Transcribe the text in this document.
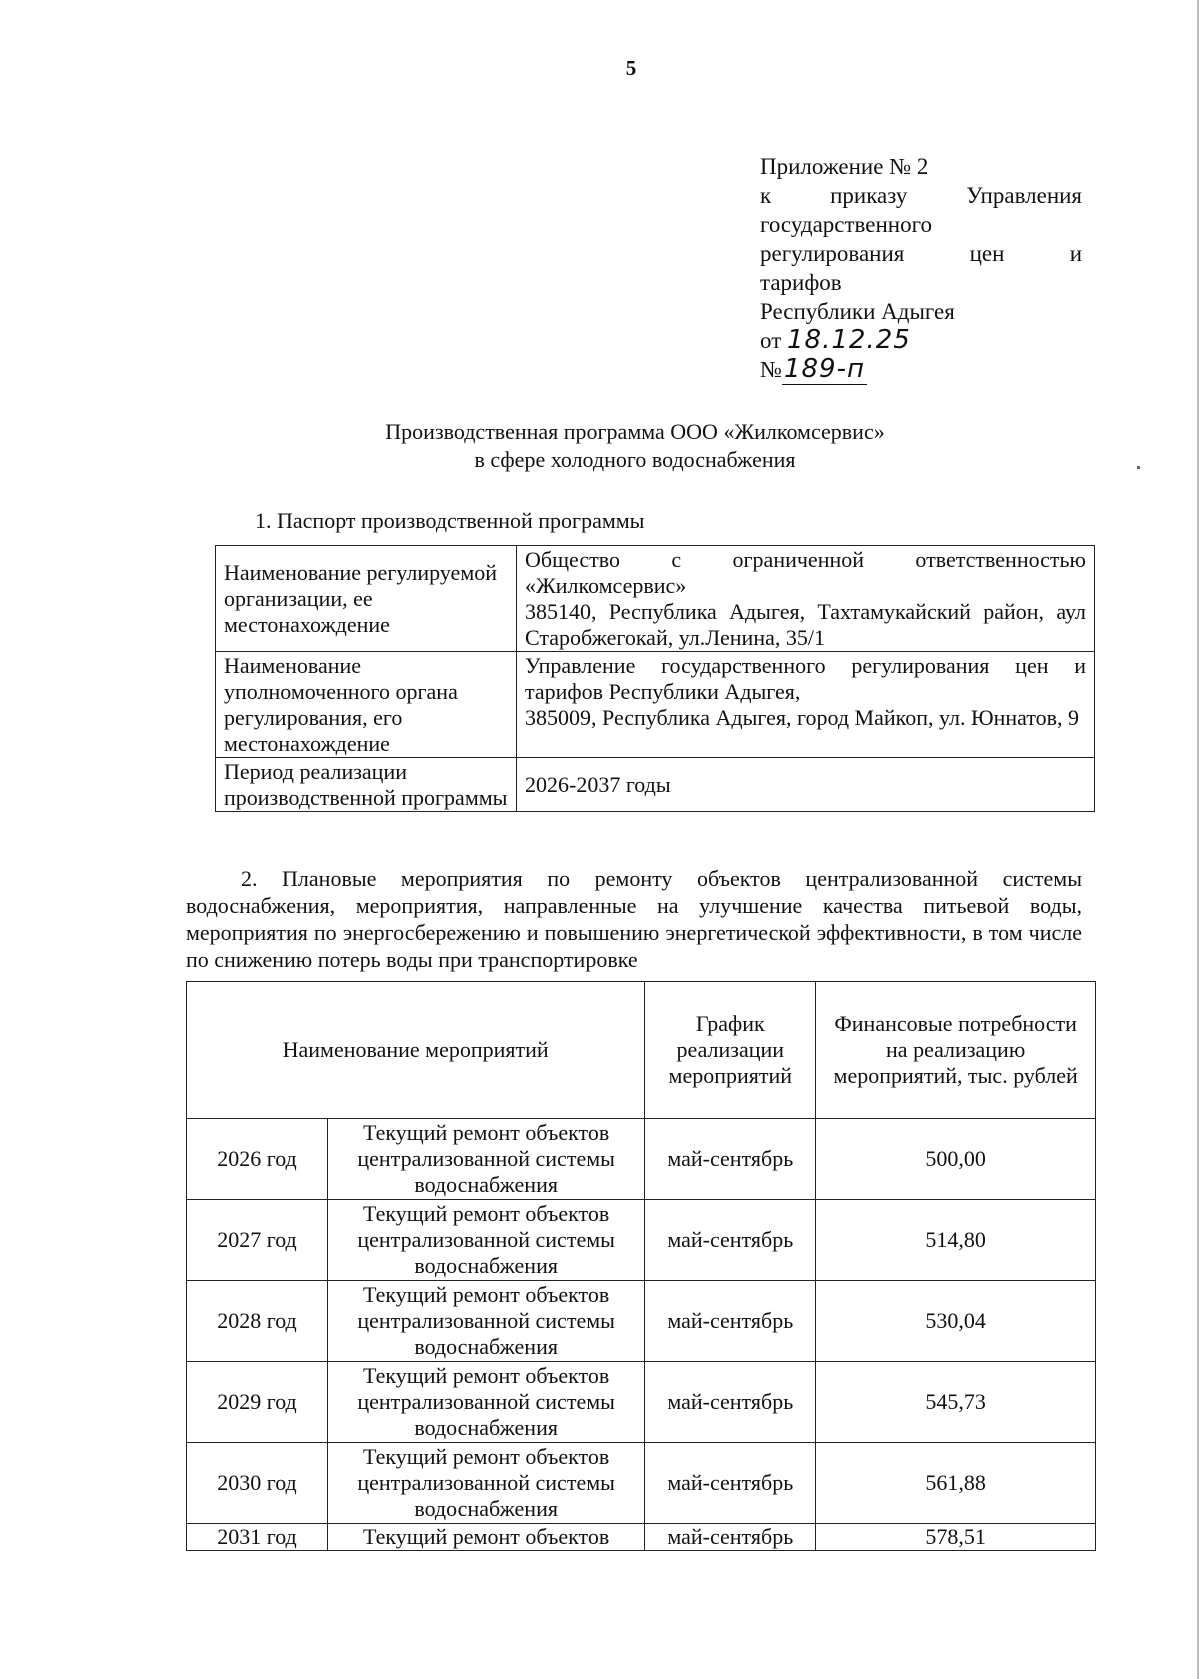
5
Приложение № 2
к	приказу	Управления
государственного
регулирования	цен	и
тарифов
Республики Адыгея
от 18.12.25
№189-п
Производственная программа ООО «Жилкомсервис»
в сфере холодного водоснабжения
1. Паспорт производственной программы
Наименование регулируемой организации, ее местонахождение	Общество с ограниченной ответственностью «Жилкомсервис»
385140, Республика Адыгея, Тахтамукайский район, аул Старобжегокай, ул.Ленина, 35/1

Наименование уполномоченного органа регулирования, его местонахождение	Управление государственного регулирования цен и тарифов Республики Адыгея,
385009, Республика Адыгея, город Майкоп, ул. Юннатов, 9

Период реализации производственной программы	2026-2037 годы
2. Плановые мероприятия по ремонту объектов централизованной системы водоснабжения, мероприятия, направленные на улучшение качества питьевой воды, мероприятия по энергосбережению и повышению энергетической эффективности, в том числе по снижению потерь воды при транспортировке
Наименование мероприятий		График реализации мероприятий	Финансовые потребности на реализацию мероприятий, тыс. рублей
2026 год	Текущий ремонт объектов централизованной системы водоснабжения	май-сентябрь	500,00
2027 год	Текущий ремонт объектов централизованной системы водоснабжения	май-сентябрь	514,80
2028 год	Текущий ремонт объектов централизованной системы водоснабжения	май-сентябрь	530,04
2029 год	Текущий ремонт объектов централизованной системы водоснабжения	май-сентябрь	545,73
2030 год	Текущий ремонт объектов централизованной системы водоснабжения	май-сентябрь	561,88
2031 год	Текущий ремонт объектов	май-сентябрь	578,51
